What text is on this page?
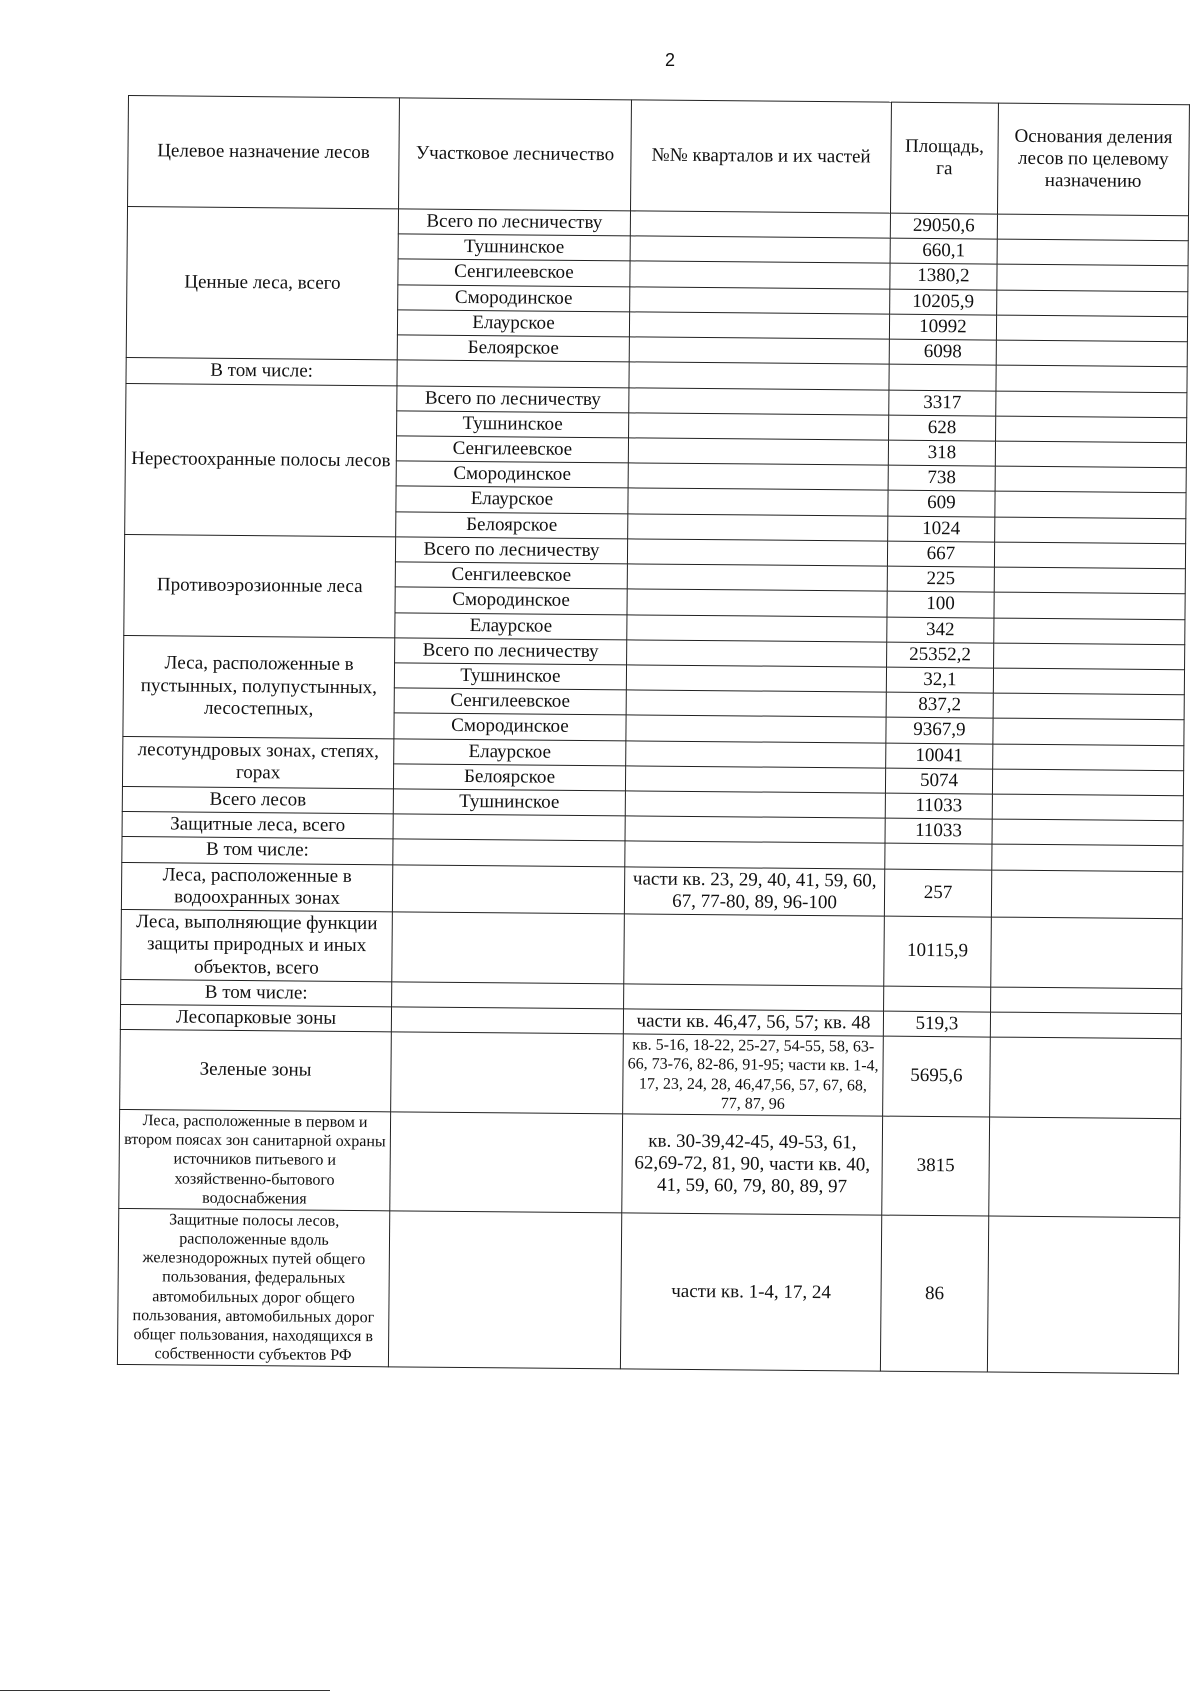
2
Целевое назначение лесов	Участковое лесничество	№№ кварталов и их частей	Площадь, га	Основания деления лесов по целевому назначению
Ценные леса, всего	Всего по лесничеству		29050,6	
	Тушнинское		660,1	
	Сенгилеевское		1380,2	
	Смородинское		10205,9	
	Елаурское		10992	
	Белоярское		6098	
В том числе:				
Нерестоохранные полосы лесов	Всего по лесничеству		3317	
	Тушнинское		628	
	Сенгилеевское		318	
	Смородинское		738	
	Елаурское		609	
	Белоярское		1024	
Противоэрозионные леса	Всего по лесничеству		667	
	Сенгилеевское		225	
	Смородинское		100	
	Елаурское		342	
Леса, расположенные в пустынных, полупустынных, лесостепных,	Всего по лесничеству		25352,2	
	Тушнинское		32,1	
	Сенгилеевское		837,2	
	Смородинское		9367,9	
лесотундровых зонах, степях, горах	Елаурское		10041	
	Белоярское		5074	
Всего лесов	Тушнинское		11033	
Защитные леса, всего			11033	
В том числе:				
Леса, расположенные в водоохранных зонах		части кв. 23, 29, 40, 41, 59, 60, 67, 77-80, 89, 96-100	257	
Леса, выполняющие функции защиты природных и иных объектов, всего			10115,9	
В том числе:				
Лесопарковые зоны		части кв. 46,47, 56, 57; кв. 48	519,3	
Зеленые зоны		кв. 5-16, 18-22, 25-27, 54-55, 58, 63-66, 73-76, 82-86, 91-95; части кв. 1-4, 17, 23, 24, 28, 46,47,56, 57, 67, 68, 77, 87, 96	5695,6	
Леса, расположенные в первом и втором поясах зон санитарной охраны источников питьевого и хозяйственно-бытового водоснабжения		кв. 30-39,42-45, 49-53, 61, 62,69-72, 81, 90, части кв. 40, 41, 59, 60, 79, 80, 89, 97	3815	
Защитные полосы лесов, расположенные вдоль железнодорожных путей общего пользования, федеральных автомобильных дорог общего пользования, автомобильных дорог общег пользования, находящихся в собственности субъектов РФ		части кв. 1-4, 17, 24	86	
